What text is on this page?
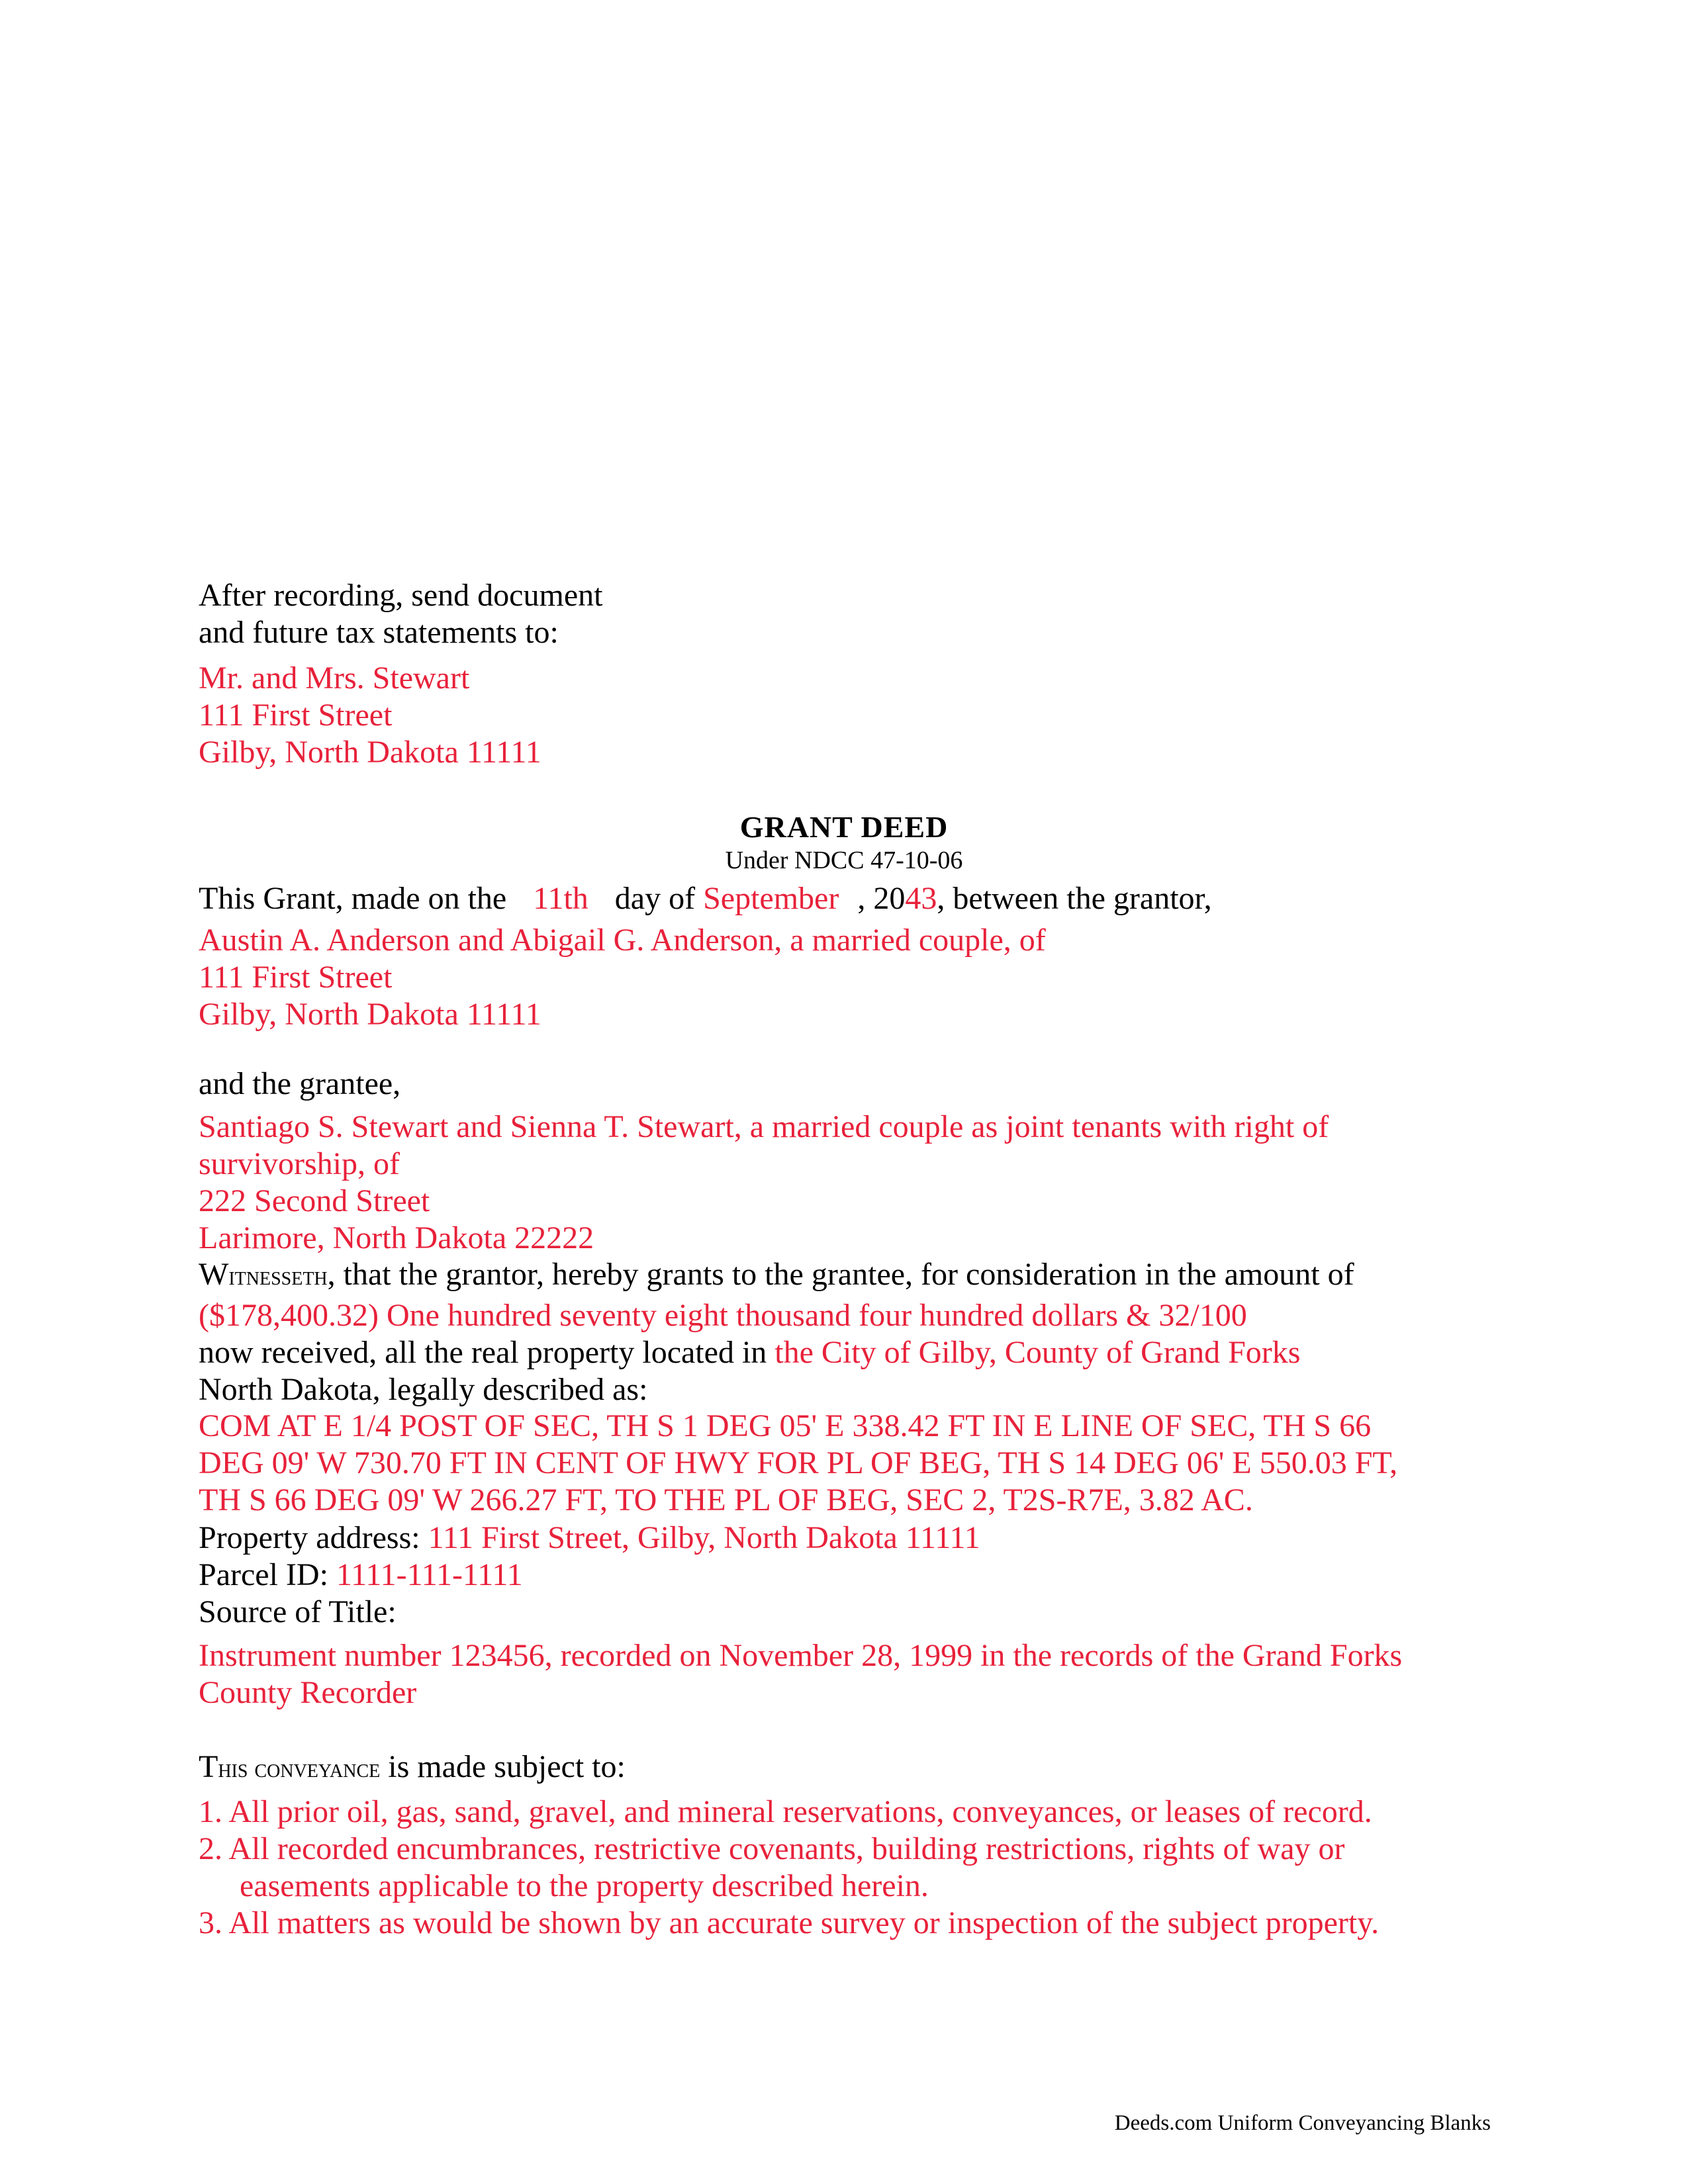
After recording, send document
and future tax statements to:
Mr. and Mrs. Stewart
111 First Street
Gilby, North Dakota 11111
GRANT DEED
Under NDCC 47-10-06
This Grant, made on the 11th day of September , 2043, between the grantor,
Austin A. Anderson and Abigail G. Anderson, a married couple, of
111 First Street
Gilby, North Dakota 11111
and the grantee,
Santiago S. Stewart and Sienna T. Stewart, a married couple as joint tenants with right of
survivorship, of
222 Second Street
Larimore, North Dakota 22222
Witnesseth, that the grantor, hereby grants to the grantee, for consideration in the amount of
($178,400.32) One hundred seventy eight thousand four hundred dollars & 32/100
now received, all the real property located in the City of Gilby, County of Grand Forks
North Dakota, legally described as:
COM AT E 1/4 POST OF SEC, TH S 1 DEG 05' E 338.42 FT IN E LINE OF SEC, TH S 66
DEG 09' W 730.70 FT IN CENT OF HWY FOR PL OF BEG, TH S 14 DEG 06' E 550.03 FT,
TH S 66 DEG 09' W 266.27 FT, TO THE PL OF BEG, SEC 2, T2S-R7E, 3.82 AC.
Property address: 111 First Street, Gilby, North Dakota 11111
Parcel ID: 1111-111-1111
Source of Title:
Instrument number 123456, recorded on November 28, 1999 in the records of the Grand Forks
County Recorder
This conveyance is made subject to:
1. All prior oil, gas, sand, gravel, and mineral reservations, conveyances, or leases of record.
2. All recorded encumbrances, restrictive covenants, building restrictions, rights of way or
easements applicable to the property described herein.
3. All matters as would be shown by an accurate survey or inspection of the subject property.
Deeds.com Uniform Conveyancing Blanks
